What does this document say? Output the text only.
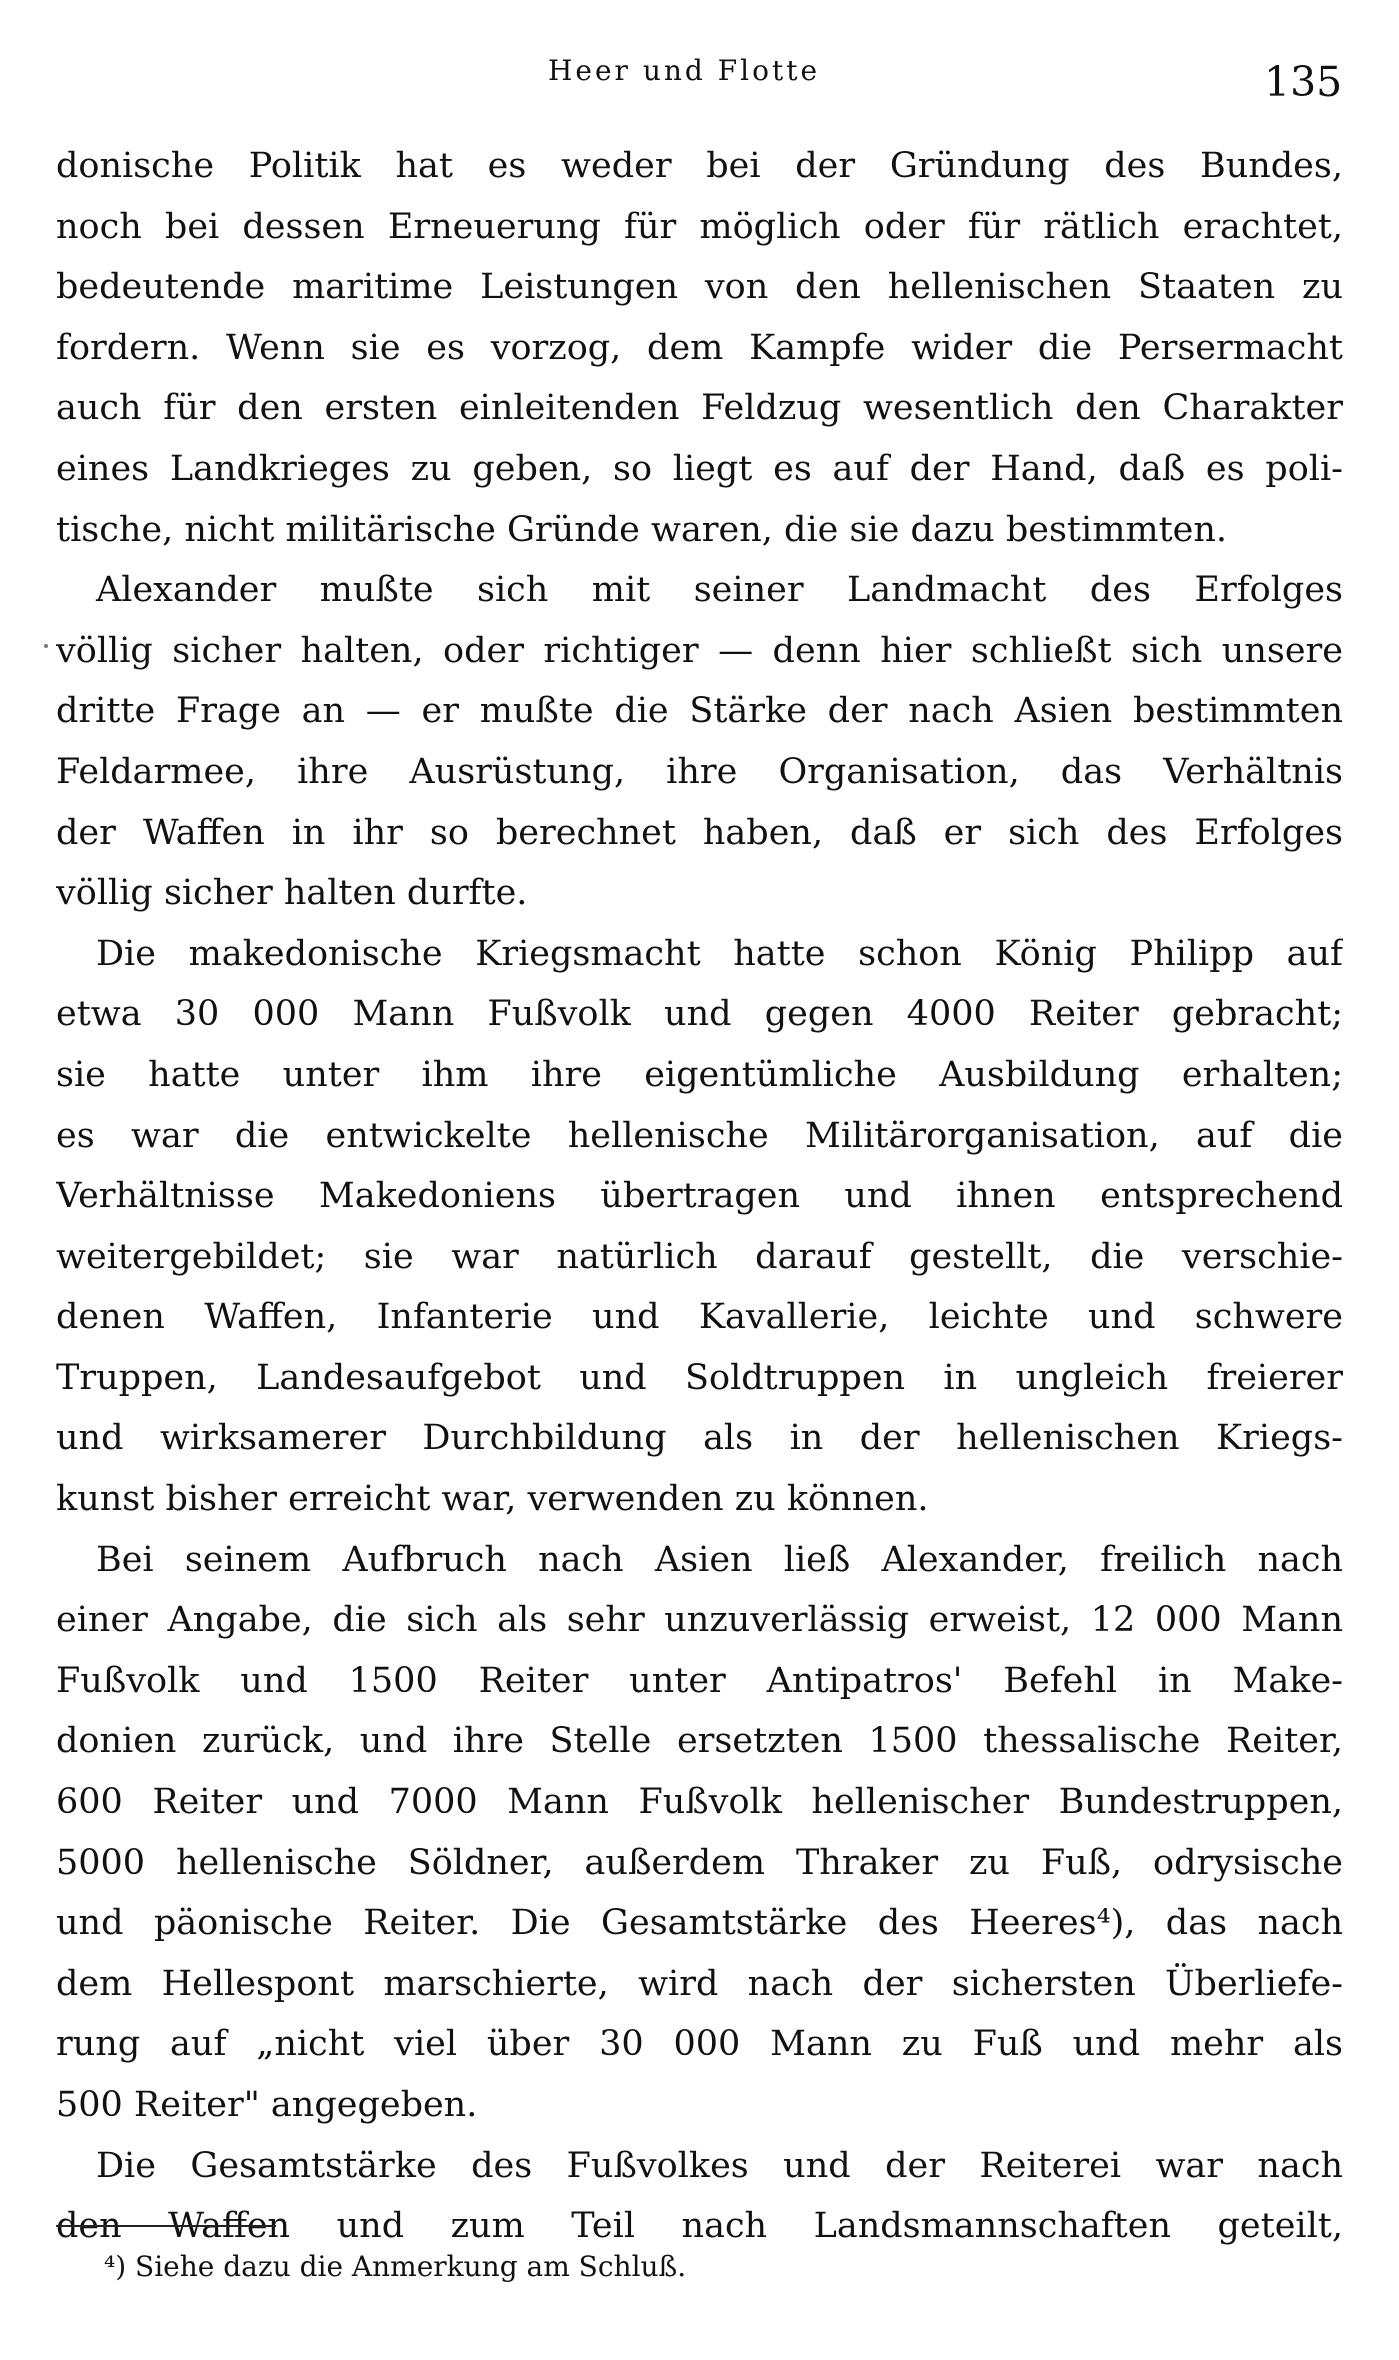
Heer und Flotte	135
donische Politik hat es weder bei der Gründung des Bundes,
noch bei dessen Erneuerung für möglich oder für rätlich erachtet,
bedeutende maritime Leistungen von den hellenischen Staaten zu
fordern. Wenn sie es vorzog, dem Kampfe wider die Persermacht
auch für den ersten einleitenden Feldzug wesentlich den Charakter
eines Landkrieges zu geben, so liegt es auf der Hand, daß es poli-
tische, nicht militärische Gründe waren, die sie dazu bestimmten.
Alexander mußte sich mit seiner Landmacht des Erfolges
völlig sicher halten, oder richtiger — denn hier schließt sich unsere
dritte Frage an — er mußte die Stärke der nach Asien bestimmten
Feldarmee, ihre Ausrüstung, ihre Organisation, das Verhältnis
der Waffen in ihr so berechnet haben, daß er sich des Erfolges
völlig sicher halten durfte.
Die makedonische Kriegsmacht hatte schon König Philipp auf
etwa 30 000 Mann Fußvolk und gegen 4000 Reiter gebracht;
sie hatte unter ihm ihre eigentümliche Ausbildung erhalten;
es war die entwickelte hellenische Militärorganisation, auf die
Verhältnisse Makedoniens übertragen und ihnen entsprechend
weitergebildet; sie war natürlich darauf gestellt, die verschie-
denen Waffen, Infanterie und Kavallerie, leichte und schwere
Truppen, Landesaufgebot und Soldtruppen in ungleich freierer
und wirksamerer Durchbildung als in der hellenischen Kriegs-
kunst bisher erreicht war, verwenden zu können.
Bei seinem Aufbruch nach Asien ließ Alexander, freilich nach
einer Angabe, die sich als sehr unzuverlässig erweist, 12 000 Mann
Fußvolk und 1500 Reiter unter Antipatros' Befehl in Make-
donien zurück, und ihre Stelle ersetzten 1500 thessalische Reiter,
600 Reiter und 7000 Mann Fußvolk hellenischer Bundestruppen,
5000 hellenische Söldner, außerdem Thraker zu Fuß, odrysische
und päonische Reiter. Die Gesamtstärke des Heeres⁴), das nach
dem Hellespont marschierte, wird nach der sichersten Überliefe-
rung auf „nicht viel über 30 000 Mann zu Fuß und mehr als
500 Reiter" angegeben.
Die Gesamtstärke des Fußvolkes und der Reiterei war nach
den Waffen und zum Teil nach Landsmannschaften geteilt,
⁴) Siehe dazu die Anmerkung am Schluß.
